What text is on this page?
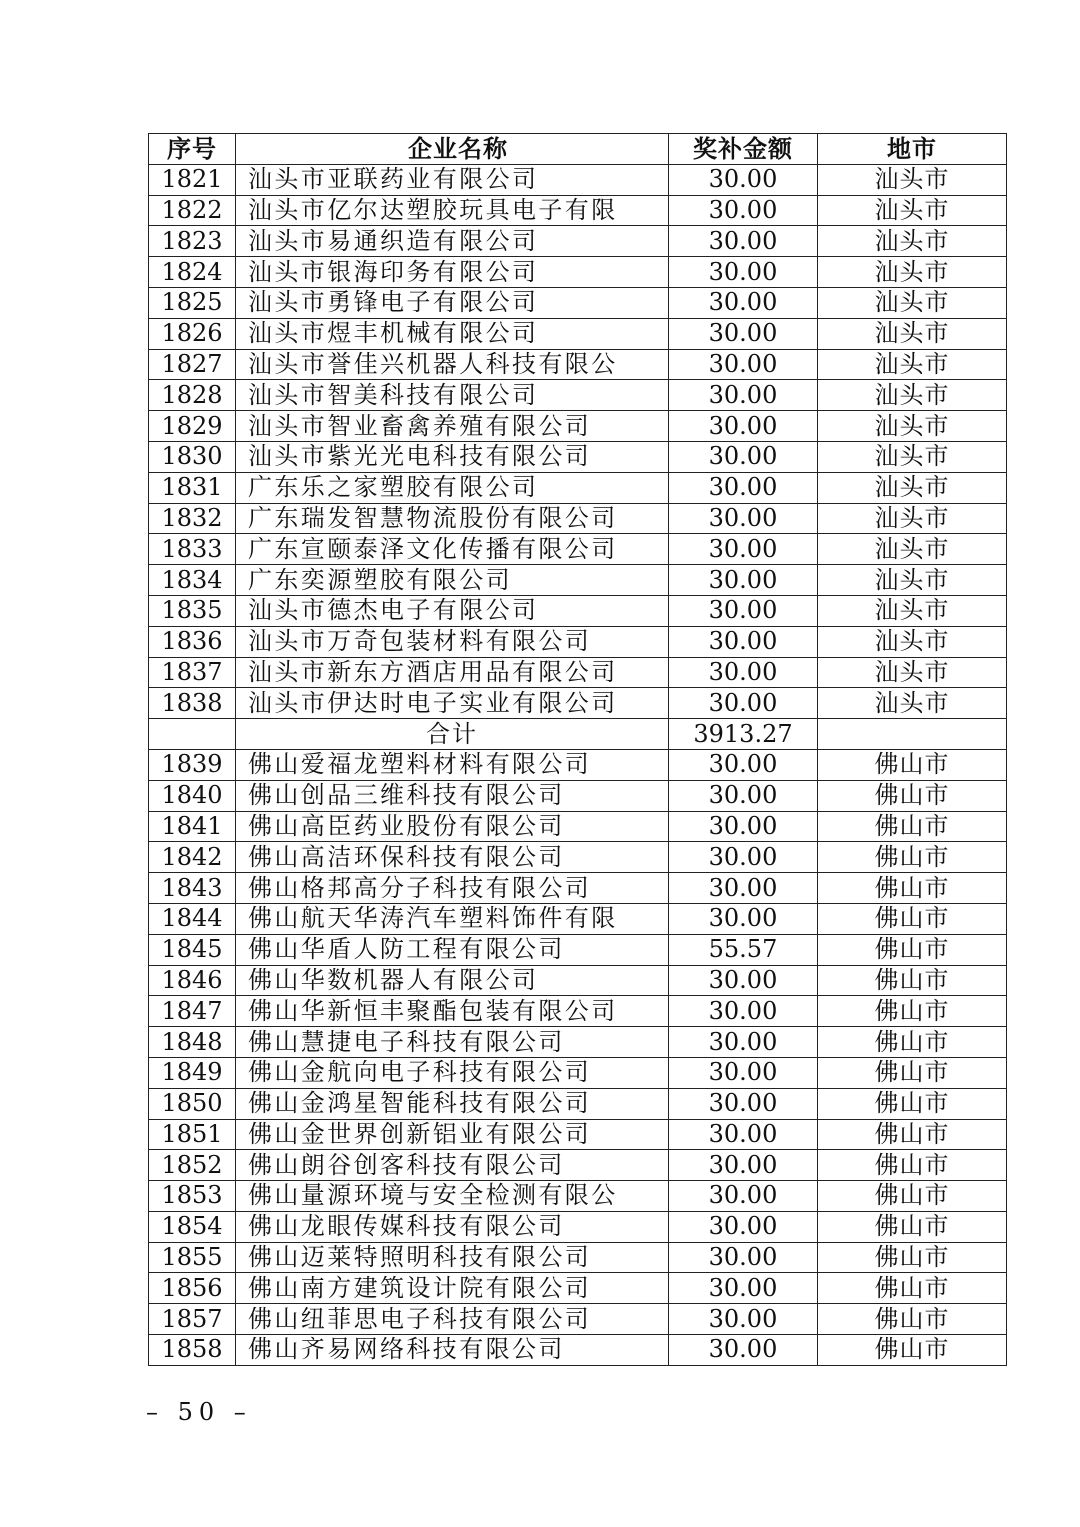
序号	企业名称	奖补金额	地市
1821	汕头市亚联药业有限公司	30.00	汕头市
1822	汕头市亿尔达塑胶玩具电子有限	30.00	汕头市
1823	汕头市易通织造有限公司	30.00	汕头市
1824	汕头市银海印务有限公司	30.00	汕头市
1825	汕头市勇锋电子有限公司	30.00	汕头市
1826	汕头市煜丰机械有限公司	30.00	汕头市
1827	汕头市誉佳兴机器人科技有限公	30.00	汕头市
1828	汕头市智美科技有限公司	30.00	汕头市
1829	汕头市智业畜禽养殖有限公司	30.00	汕头市
1830	汕头市紫光光电科技有限公司	30.00	汕头市
1831	广东乐之家塑胶有限公司	30.00	汕头市
1832	广东瑞发智慧物流股份有限公司	30.00	汕头市
1833	广东宣颐泰泽文化传播有限公司	30.00	汕头市
1834	广东奕源塑胶有限公司	30.00	汕头市
1835	汕头市德杰电子有限公司	30.00	汕头市
1836	汕头市万奇包装材料有限公司	30.00	汕头市
1837	汕头市新东方酒店用品有限公司	30.00	汕头市
1838	汕头市伊达时电子实业有限公司	30.00	汕头市
	合计	3913.27	
1839	佛山爱福龙塑料材料有限公司	30.00	佛山市
1840	佛山创品三维科技有限公司	30.00	佛山市
1841	佛山高臣药业股份有限公司	30.00	佛山市
1842	佛山高洁环保科技有限公司	30.00	佛山市
1843	佛山格邦高分子科技有限公司	30.00	佛山市
1844	佛山航天华涛汽车塑料饰件有限	30.00	佛山市
1845	佛山华盾人防工程有限公司	55.57	佛山市
1846	佛山华数机器人有限公司	30.00	佛山市
1847	佛山华新恒丰聚酯包装有限公司	30.00	佛山市
1848	佛山慧捷电子科技有限公司	30.00	佛山市
1849	佛山金航向电子科技有限公司	30.00	佛山市
1850	佛山金鸿星智能科技有限公司	30.00	佛山市
1851	佛山金世界创新铝业有限公司	30.00	佛山市
1852	佛山朗谷创客科技有限公司	30.00	佛山市
1853	佛山量源环境与安全检测有限公	30.00	佛山市
1854	佛山龙眼传媒科技有限公司	30.00	佛山市
1855	佛山迈莱特照明科技有限公司	30.00	佛山市
1856	佛山南方建筑设计院有限公司	30.00	佛山市
1857	佛山纽菲思电子科技有限公司	30.00	佛山市
1858	佛山齐易网络科技有限公司	30.00	佛山市
– 50 –
